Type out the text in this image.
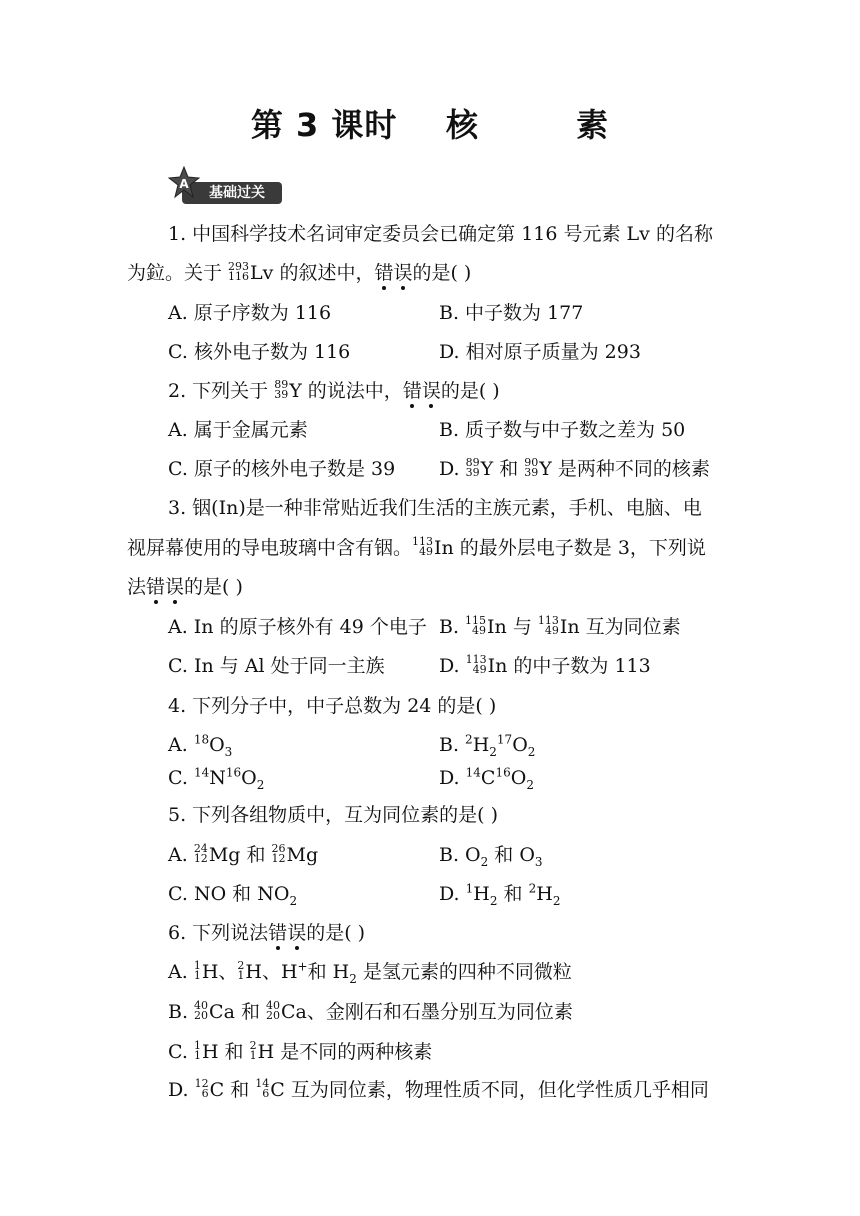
第 3 课时 核	素
基础过关
A
1. 中国科学技术名词审定委员会已确定第 116 号元素 Lv 的名称
为鉝。关于 293
116 Lv 的叙述中，错误的是( )
A. 原子序数为 116	B. 中子数为 177
C. 核外电子数为 116	D. 相对原子质量为 293
2. 下列关于 89
39 Y 的说法中，错误的是( )
A. 属于金属元素	B. 质子数与中子数之差为 50
C. 原子的核外电子数是 39 D. 89
39 Y 和 90
39 Y 是两种不同的核素
3. 铟(In)是一种非常贴近我们生活的主族元素，手机、电脑、电
视屏幕使用的导电玻璃中含有铟。 113
49 In 的最外层电子数是 3，下列说
法错误的是( )
A. In 的原子核外有 49 个电子 B. 115
49 In 与 113
49 In 互为同位素
C. In 与 Al 处于同一主族	D. 113
49 In 的中子数为 113
4. 下列分子中，中子总数为 24 的是( )
A. $^{18}O_3$	B. $^2H_2^{17}O_2$
C. $^{14}N^{16}O_2$	D. $^{14}C^{16}O_2$
5. 下列各组物质中，互为同位素的是( )
A. 24
12 Mg 和 26
12 Mg	B. $O_2$ 和 $O_3$
C. NO 和 $NO_2$	D. $^1H_2$ 和 $^2H_2$
6. 下列说法错误的是( )
A. 1
1 H、 2
1 H、H+和 $H_2$ 是氢元素的四种不同微粒
B. 40
20 Ca 和 40
20 Ca、金刚石和石墨分别互为同位素
C. 1
1 H 和 2
1 H 是不同的两种核素
D. 12
6 C 和 14
6 C 互为同位素，物理性质不同，但化学性质几乎相同
